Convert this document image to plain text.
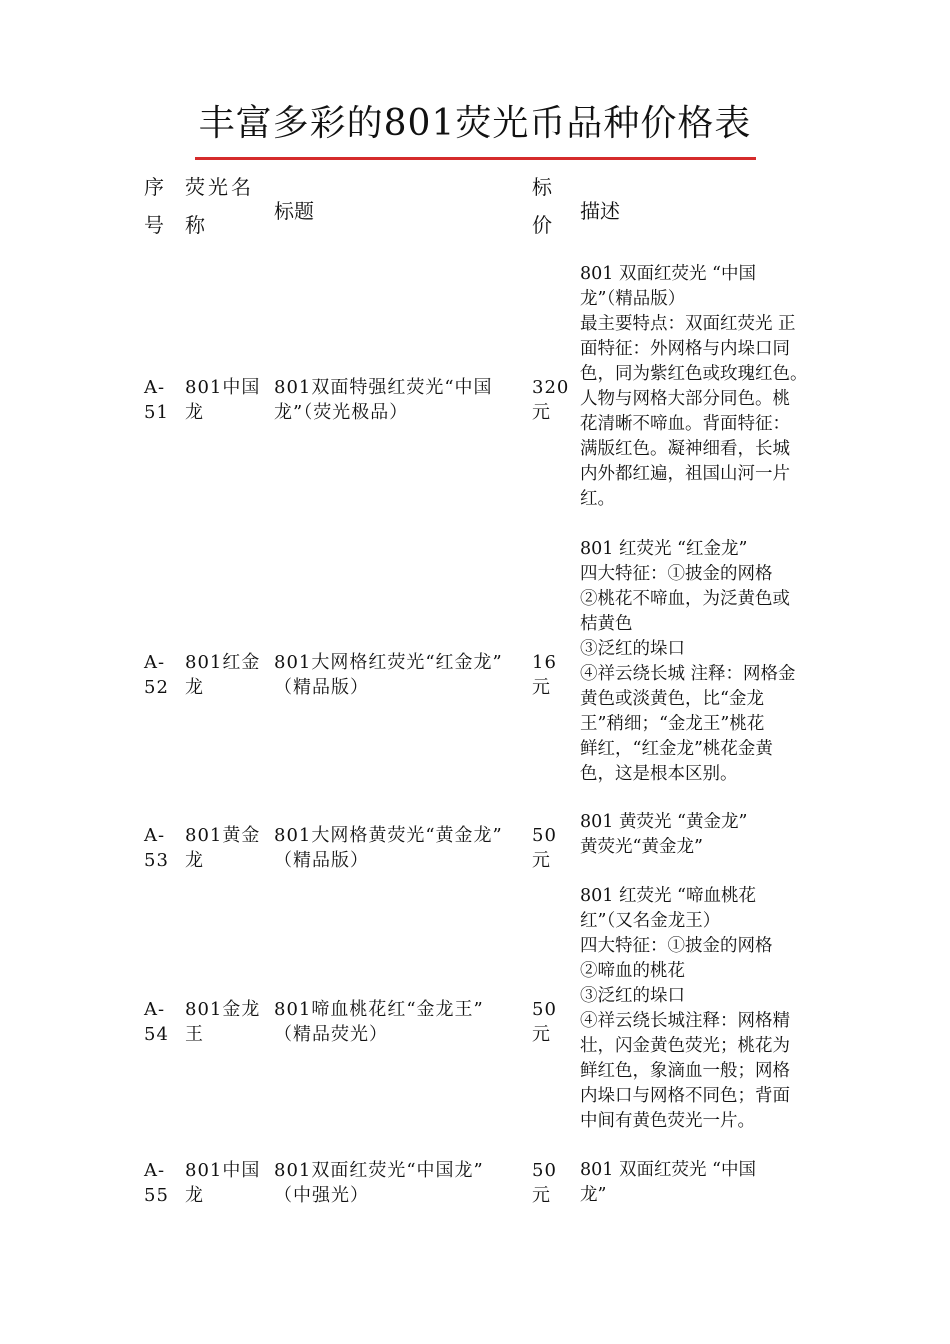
丰富多彩的801荧光币品种价格表
序
号
荧光名
称
标题
标
价
描述
A-
51
801中国
龙
801双面特强红荧光“中国
龙”（荧光极品）
320
元
801 双面红荧光 “中国
龙”（精品版）
最主要特点：双面红荧光 正
面特征：外网格与内垛口同
色，同为紫红色或玫瑰红色。
人物与网格大部分同色。桃
花清晰不啼血。背面特征：
满版红色。凝神细看，长城
内外都红遍，祖国山河一片
红。
A-
52
801红金
龙
801大网格红荧光“红金龙”
（精品版）
16
元
801 红荧光 “红金龙”
四大特征：①披金的网格
②桃花不啼血，为泛黄色或
桔黄色
③泛红的垛口
④祥云绕长城 注释：网格金
黄色或淡黄色，比“金龙
王”稍细；“金龙王”桃花
鲜红，“红金龙”桃花金黄
色，这是根本区别。
A-
53
801黄金
龙
801大网格黄荧光“黄金龙”
（精品版）
50
元
801 黄荧光 “黄金龙”
黄荧光“黄金龙”
A-
54
801金龙
王
801啼血桃花红“金龙王”
（精品荧光）
50
元
801 红荧光 “啼血桃花
红”（又名金龙王）
四大特征：①披金的网格
②啼血的桃花
③泛红的垛口
④祥云绕长城注释：网格精
壮，闪金黄色荧光；桃花为
鲜红色，象滴血一般；网格
内垛口与网格不同色；背面
中间有黄色荧光一片。
A-
55
801中国
龙
801双面红荧光“中国龙”
（中强光）
50
元
801 双面红荧光 “中国
龙”
